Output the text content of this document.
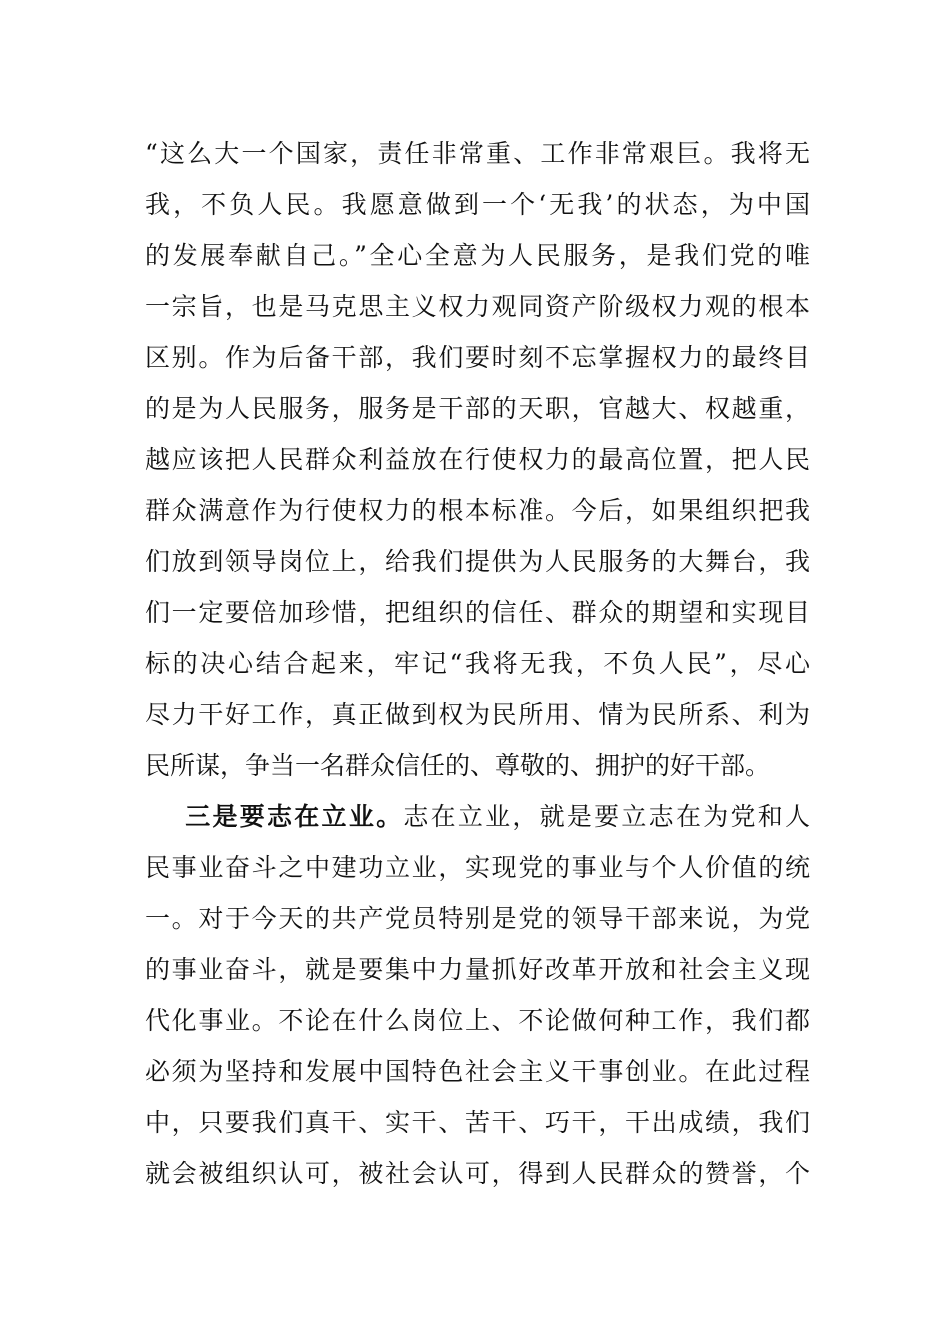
“这么大一个国家，责任非常重、工作非常艰巨。我将无
我，不负人民。我愿意做到一个‘无我’的状态，为中国
的发展奉献自己。”全心全意为人民服务，是我们党的唯
一宗旨，也是马克思主义权力观同资产阶级权力观的根本
区别。作为后备干部，我们要时刻不忘掌握权力的最终目
的是为人民服务，服务是干部的天职，官越大、权越重，
越应该把人民群众利益放在行使权力的最高位置，把人民
群众满意作为行使权力的根本标准。今后，如果组织把我
们放到领导岗位上，给我们提供为人民服务的大舞台，我
们一定要倍加珍惜，把组织的信任、群众的期望和实现目
标的决心结合起来，牢记“我将无我，不负人民”，尽心
尽力干好工作，真正做到权为民所用、情为民所系、利为
民所谋，争当一名群众信任的、尊敬的、拥护的好干部。
三是要志在立业。志在立业，就是要立志在为党和人
民事业奋斗之中建功立业，实现党的事业与个人价值的统
一。对于今天的共产党员特别是党的领导干部来说，为党
的事业奋斗，就是要集中力量抓好改革开放和社会主义现
代化事业。不论在什么岗位上、不论做何种工作，我们都
必须为坚持和发展中国特色社会主义干事创业。在此过程
中，只要我们真干、实干、苦干、巧干，干出成绩，我们
就会被组织认可，被社会认可，得到人民群众的赞誉，个
